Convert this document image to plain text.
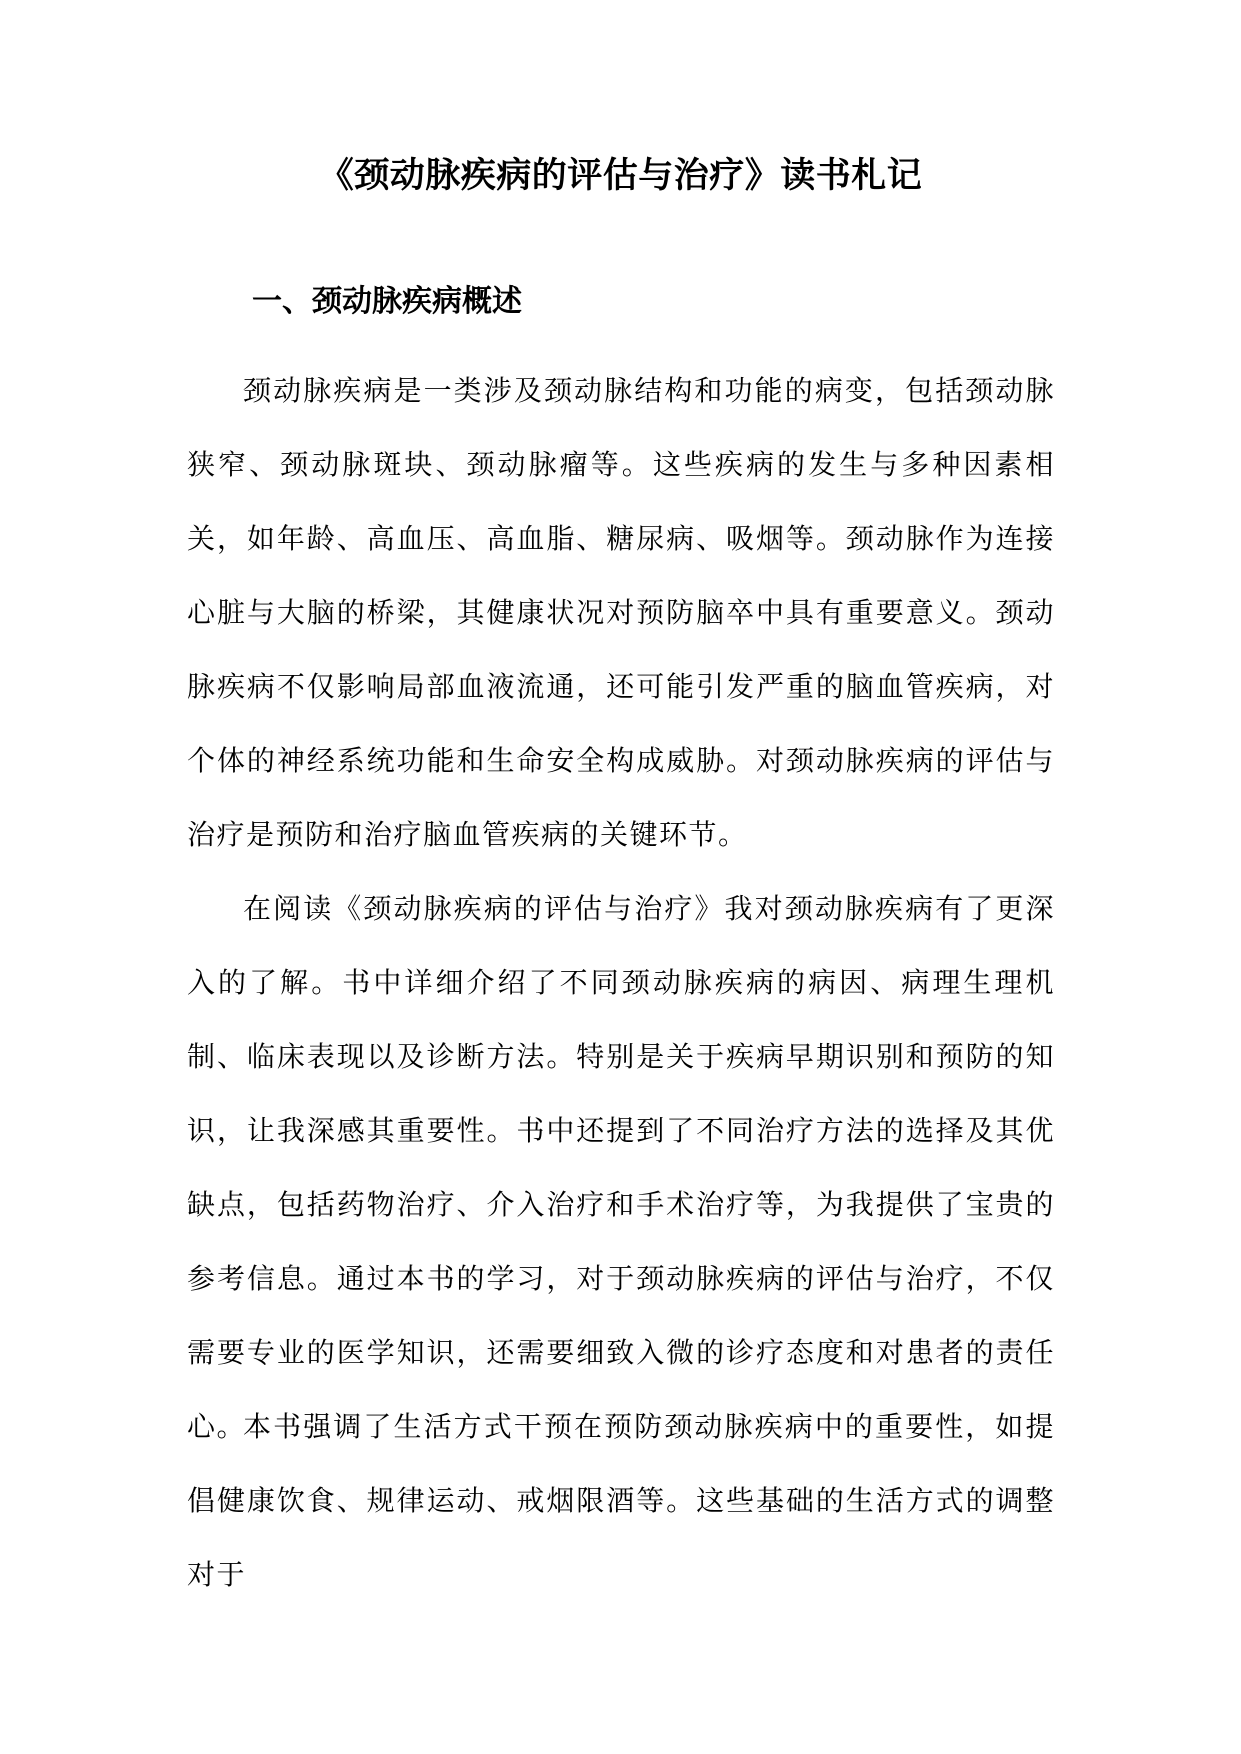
《颈动脉疾病的评估与治疗》读书札记
一、颈动脉疾病概述

颈动脉疾病是一类涉及颈动脉结构和功能的病变，包括颈动脉狭窄、颈动脉斑块、颈动脉瘤等。这些疾病的发生与多种因素相关，如年龄、高血压、高血脂、糖尿病、吸烟等。颈动脉作为连接心脏与大脑的桥梁，其健康状况对预防脑卒中具有重要意义。颈动脉疾病不仅影响局部血液流通，还可能引发严重的脑血管疾病，对个体的神经系统功能和生命安全构成威胁。对颈动脉疾病的评估与治疗是预防和治疗脑血管疾病的关键环节。

在阅读《颈动脉疾病的评估与治疗》我对颈动脉疾病有了更深入的了解。书中详细介绍了不同颈动脉疾病的病因、病理生理机制、临床表现以及诊断方法。特别是关于疾病早期识别和预防的知识，让我深感其重要性。书中还提到了不同治疗方法的选择及其优缺点，包括药物治疗、介入治疗和手术治疗等，为我提供了宝贵的参考信息。通过本书的学习，对于颈动脉疾病的评估与治疗，不仅需要专业的医学知识，还需要细致入微的诊疗态度和对患者的责任心。

本书强调了生活方式干预在预防颈动脉疾病中的重要性，如提倡健康饮食、规律运动、戒烟限酒等。这些基础的生活方式的调整对于
